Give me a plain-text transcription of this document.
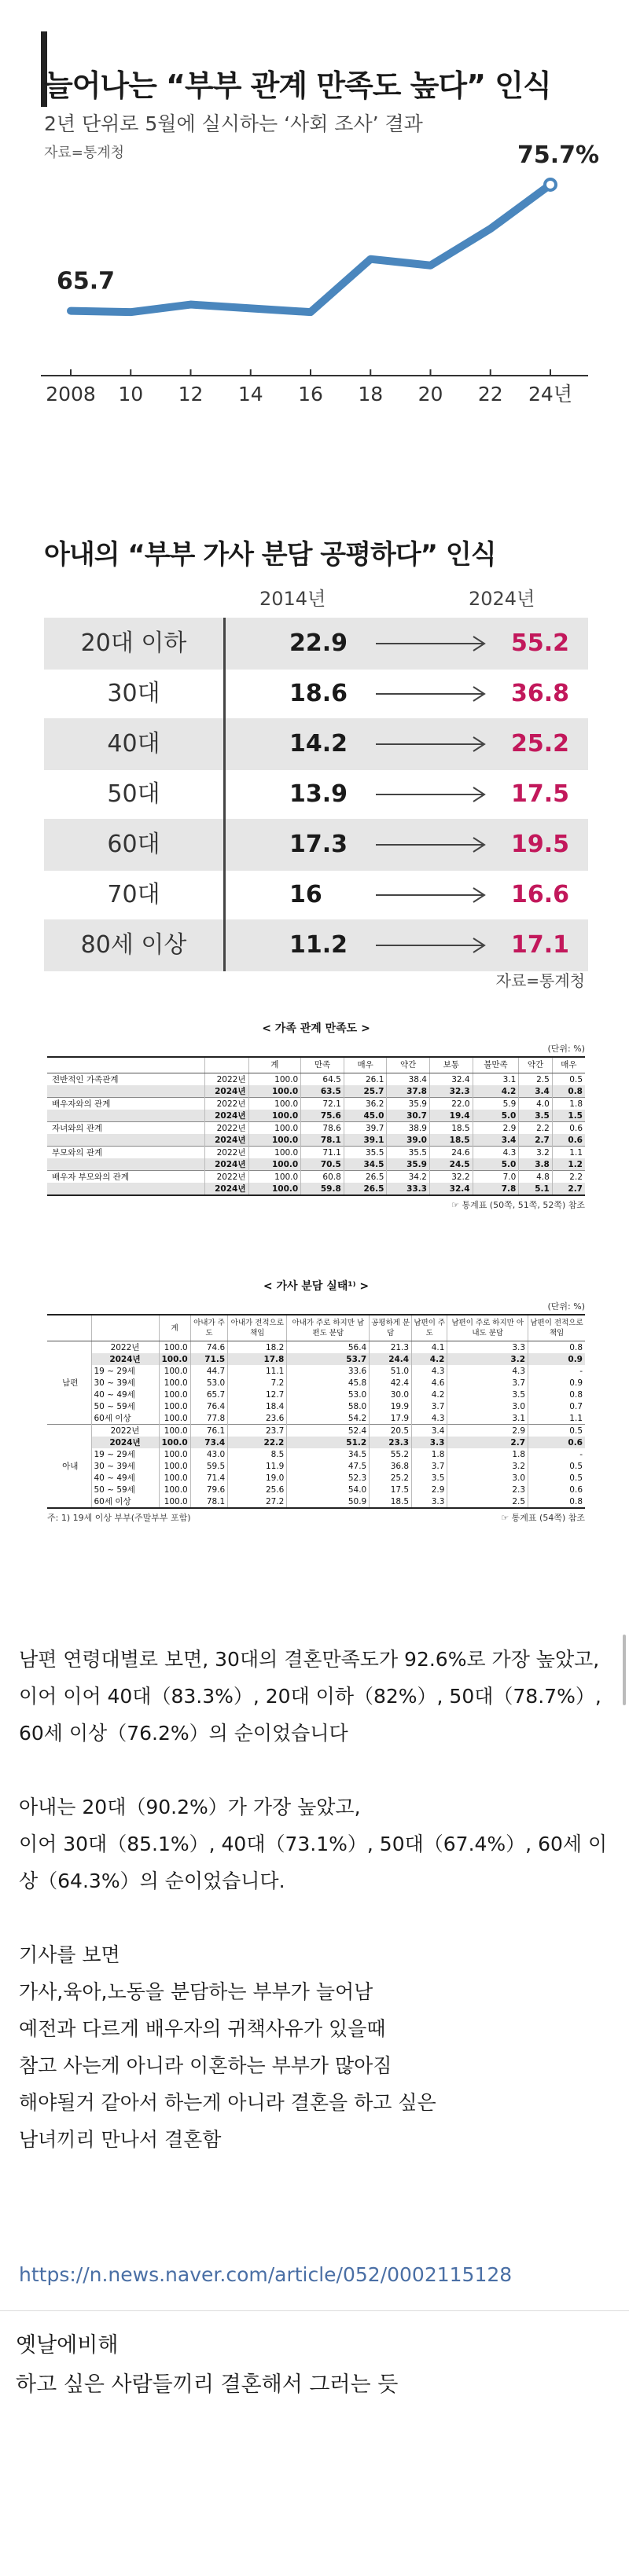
늘어나는 “부부 관계 만족도 높다” 인식
2년 단위로 5월에 실시하는 ‘사회 조사’ 결과
자료=통계청
2008 10 12 14 16 18 20 22 24년
65.7
75.7%
아내의 “부부 가사 분담 공평하다” 인식
2014년	2024년
20대 이하	22.9	55.2
30대	18.6	36.8
40대	14.2	25.2
50대	13.9	17.5
60대	17.3	19.5
70대	16	16.6
80세 이상	11.2	17.1
자료=통계청
< 가족 관계 만족도 >
(단위: %)
		계	만족	매우	약간	보통	불만족	약간	매우
전반적인 가족관계	2022년	100.0	64.5	26.1	38.4	32.4	3.1	2.5	0.5
	2024년	100.0	63.5	25.7	37.8	32.3	4.2	3.4	0.8
배우자와의 관계	2022년	100.0	72.1	36.2	35.9	22.0	5.9	4.0	1.8
	2024년	100.0	75.6	45.0	30.7	19.4	5.0	3.5	1.5
자녀와의 관계	2022년	100.0	78.6	39.7	38.9	18.5	2.9	2.2	0.6
	2024년	100.0	78.1	39.1	39.0	18.5	3.4	2.7	0.6
부모와의 관계	2022년	100.0	71.1	35.5	35.5	24.6	4.3	3.2	1.1
	2024년	100.0	70.5	34.5	35.9	24.5	5.0	3.8	1.2
배우자 부모와의 관계	2022년	100.0	60.8	26.5	34.2	32.2	7.0	4.8	2.2
	2024년	100.0	59.8	26.5	33.3	32.4	7.8	5.1	2.7
☞ 통계표 (50쪽, 51쪽, 52쪽) 참조
< 가사 분담 실태¹⁾ >
(단위: %)
		계	아내가 주도	아내가 전적으로 책임	아내가 주로 하지만 남편도 분담	공평하게 분담	남편이 주도	남편이 주로 하지만 아내도 분담	남편이 전적으로 책임
남편	2022년	100.0	74.6	18.2	56.4	21.3	4.1	3.3	0.8
	2024년	100.0	71.5	17.8	53.7	24.4	4.2	3.2	0.9
	19 ~ 29세	100.0	44.7	11.1	33.6	51.0	4.3	4.3	-
	30 ~ 39세	100.0	53.0	7.2	45.8	42.4	4.6	3.7	0.9
	40 ~ 49세	100.0	65.7	12.7	53.0	30.0	4.2	3.5	0.8
	50 ~ 59세	100.0	76.4	18.4	58.0	19.9	3.7	3.0	0.7
	60세 이상	100.0	77.8	23.6	54.2	17.9	4.3	3.1	1.1
아내	2022년	100.0	76.1	23.7	52.4	20.5	3.4	2.9	0.5
	2024년	100.0	73.4	22.2	51.2	23.3	3.3	2.7	0.6
	19 ~ 29세	100.0	43.0	8.5	34.5	55.2	1.8	1.8	-
	30 ~ 39세	100.0	59.5	11.9	47.5	36.8	3.7	3.2	0.5
	40 ~ 49세	100.0	71.4	19.0	52.3	25.2	3.5	3.0	0.5
	50 ~ 59세	100.0	79.6	25.6	54.0	17.5	2.9	2.3	0.6
	60세 이상	100.0	78.1	27.2	50.9	18.5	3.3	2.5	0.8
주: 1) 19세 이상 부부(주말부부 포함)	☞ 통계표 (54쪽) 참조

남편 연령대별로 보면, 30대의 결혼만족도가 92.6%로 가장 높았고,

이어 이어 40대（83.3%）, 20대 이하（82%）, 50대（78.7%）, 60세 이상（76.2%）의 순이었습니다

아내는 20대（90.2%）가 가장 높았고,

이어 30대（85.1%）, 40대（73.1%）, 50대（67.4%）, 60세 이상（64.3%）의 순이었습니다.

기사를 보면

가사,육아,노동을 분담하는 부부가 늘어남

예전과 다르게 배우자의 귀책사유가 있을때

참고 사는게 아니라 이혼하는 부부가 많아짐

해야될거 같아서 하는게 아니라 결혼을 하고 싶은

남녀끼리 만나서 결혼함

https://n.news.naver.com/article/052/0002115128

옛날에비해

하고 싶은 사람들끼리 결혼해서 그러는 듯
